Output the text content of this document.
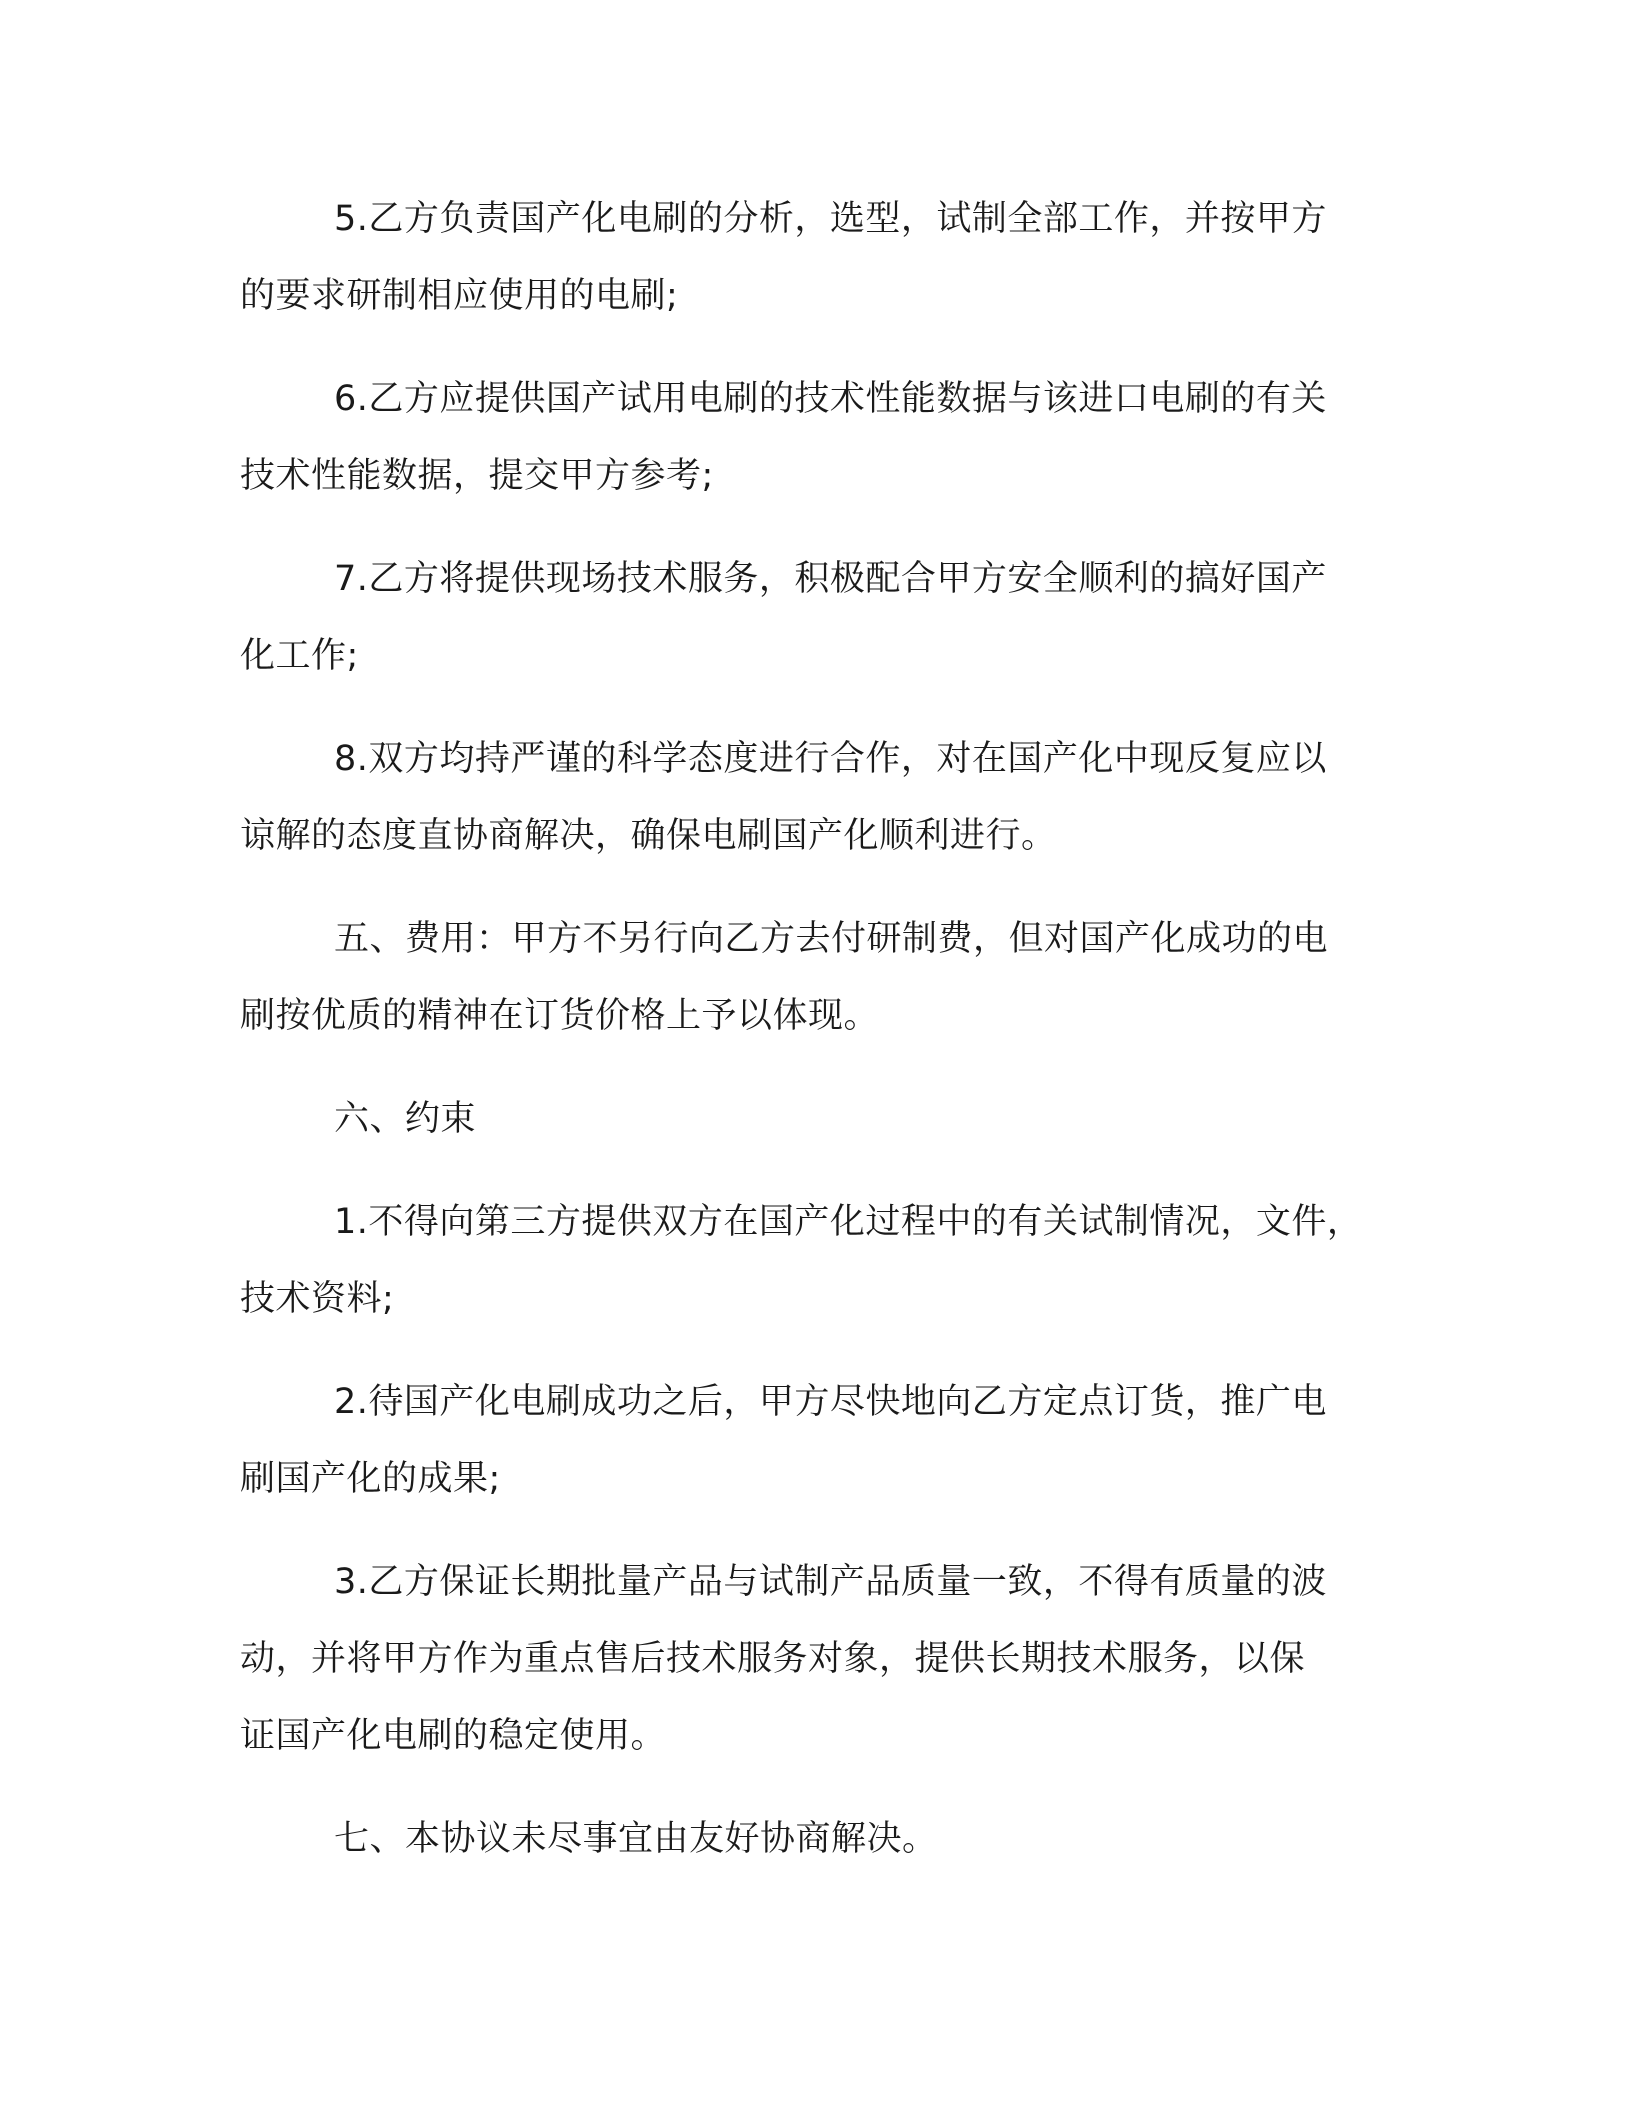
5.乙方负责国产化电刷的分析，选型，试制全部工作，并按甲方
的要求研制相应使用的电刷;
6.乙方应提供国产试用电刷的技术性能数据与该进口电刷的有关
技术性能数据，提交甲方参考;
7.乙方将提供现场技术服务，积极配合甲方安全顺利的搞好国产
化工作;
8.双方均持严谨的科学态度进行合作，对在国产化中现反复应以
谅解的态度直协商解决，确保电刷国产化顺利进行。
五、费用：甲方不另行向乙方去付研制费，但对国产化成功的电
刷按优质的精神在订货价格上予以体现。
六、约束
1.不得向第三方提供双方在国产化过程中的有关试制情况，文件，
技术资料;
2.待国产化电刷成功之后，甲方尽快地向乙方定点订货，推广电
刷国产化的成果;
3.乙方保证长期批量产品与试制产品质量一致，不得有质量的波
动，并将甲方作为重点售后技术服务对象，提供长期技术服务，以保
证国产化电刷的稳定使用。
七、本协议未尽事宜由友好协商解决。
